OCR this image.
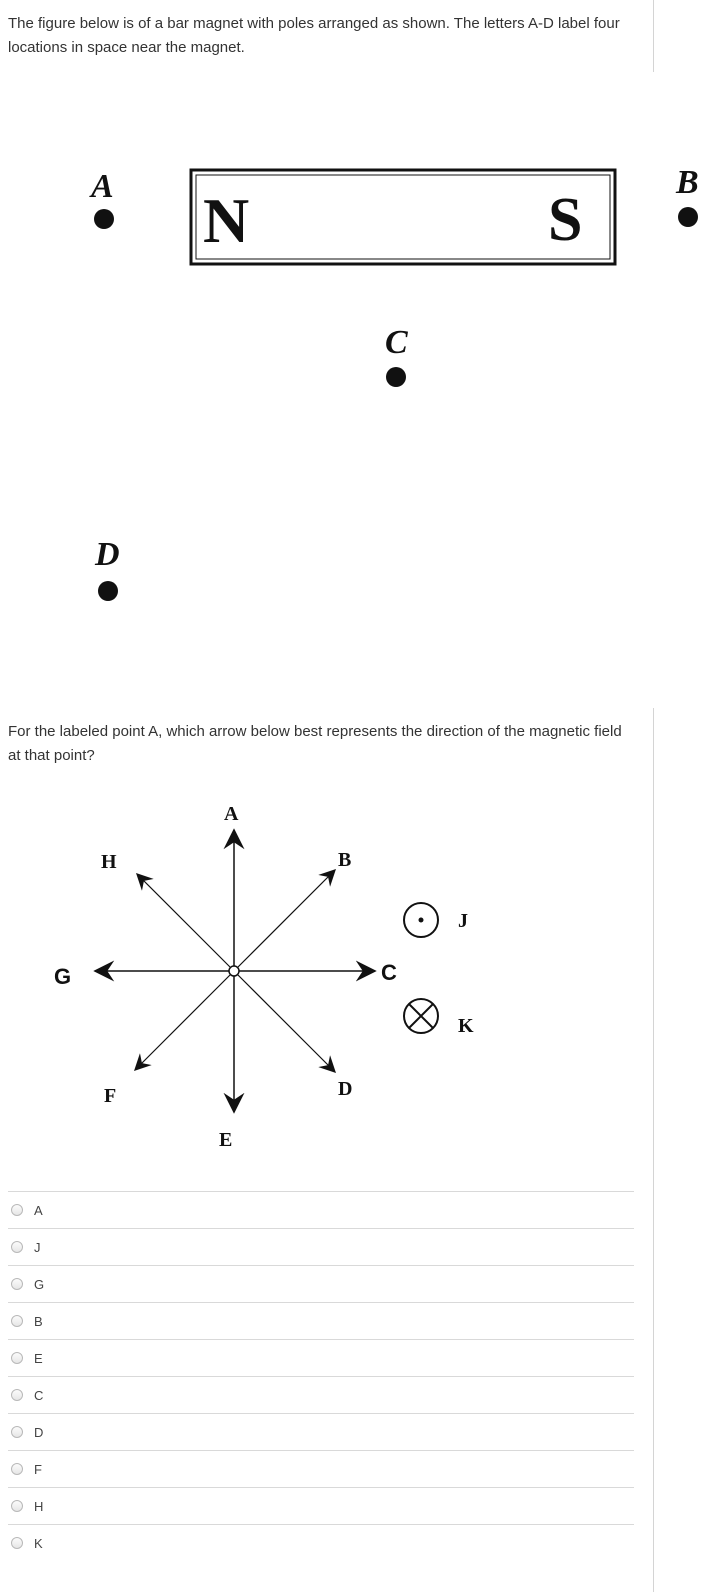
The figure below is of a bar magnet with poles arranged as shown. The letters A-D label four locations in space near the magnet.
N	S
A	B
C
D
For the labeled point A, which arrow below best represents the direction of the magnetic field at that point?
A
B
C
D
E
F
G
H
J
K
A
J
G
B
E
C
D
F
H
K
